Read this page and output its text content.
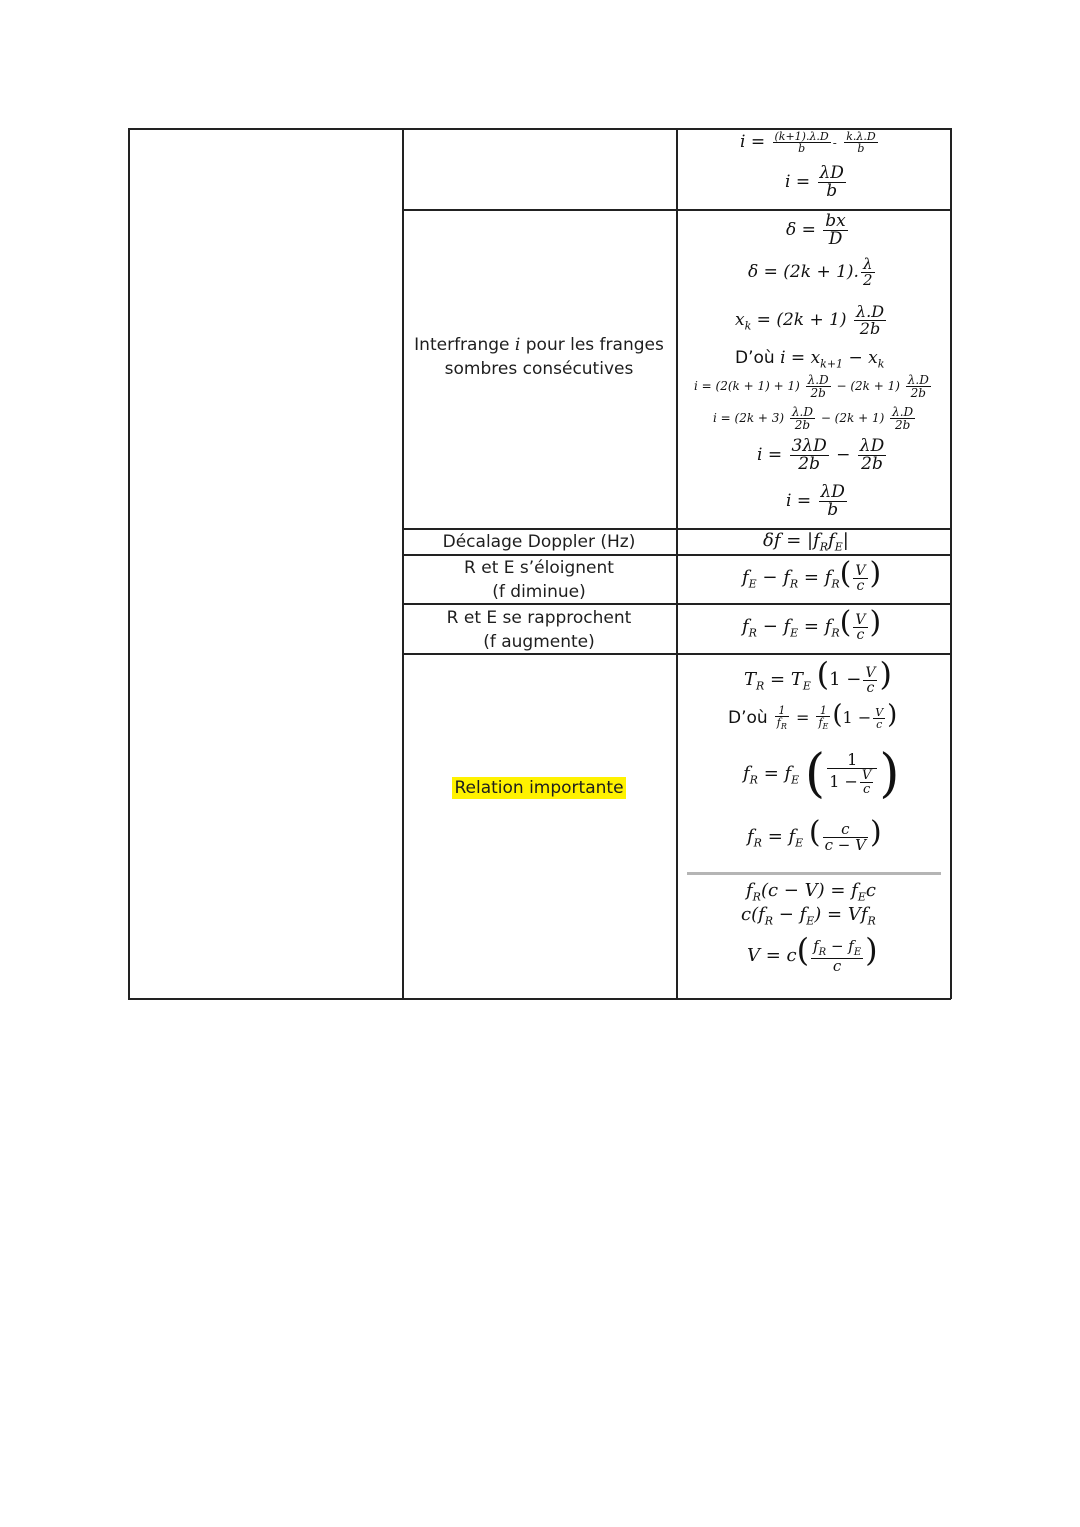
Interfrange i pour les franges
sombres consécutives
Décalage Doppler (Hz)
R et E s’éloignent
(f diminue)
R et E se rapprochent
(f augmente)
Relation importante
$i = \frac{(k+1).\lambda.D}{b} - \frac{k.\lambda.D}{b}$
$i = \frac{\lambda D}{b}$
$\delta = \frac{bx}{D}$
δ = (2k + 1). $\frac{\lambda}{2}$
$x_k = (2k + 1) \frac{\lambda.D}{2b}$
D’où $i = x_{k+1} - x_k$
$i = (2(k + 1) + 1) \frac{\lambda.D}{2b} - (2k + 1) \frac{\lambda.D}{2b}$
$i = (2k + 3) \frac{\lambda.D}{2b} - (2k + 1) \frac{\lambda.D}{2b}$
$i = \frac{3\lambda D}{2b} - \frac{\lambda D}{2b}$
$i = \frac{\lambda D}{b}$
$\delta f = |f_Rf_E|$
$f_E - f_R = f_R( \frac{V}{c}$ )
$f_R - f_E = f_R( \frac{V}{c}$ )
$T_R = T_E$ ($1 - \frac{V}{c}$ )
D’où $\frac{1}{f_R} = \frac{1}{f_E} (1 - \frac{V}{c}$ )
$f_R = f_E$ ( $\frac{1}{1 - \frac{V}{c}}$ )
$f_R = f_E$ ( $\frac{c}{c - V}$ )
$f_R(c - V) = f_Ec$
$c(f_R - f_E) = Vf_R$
$V = c( \frac{f_R - f_E}{c}$ )
